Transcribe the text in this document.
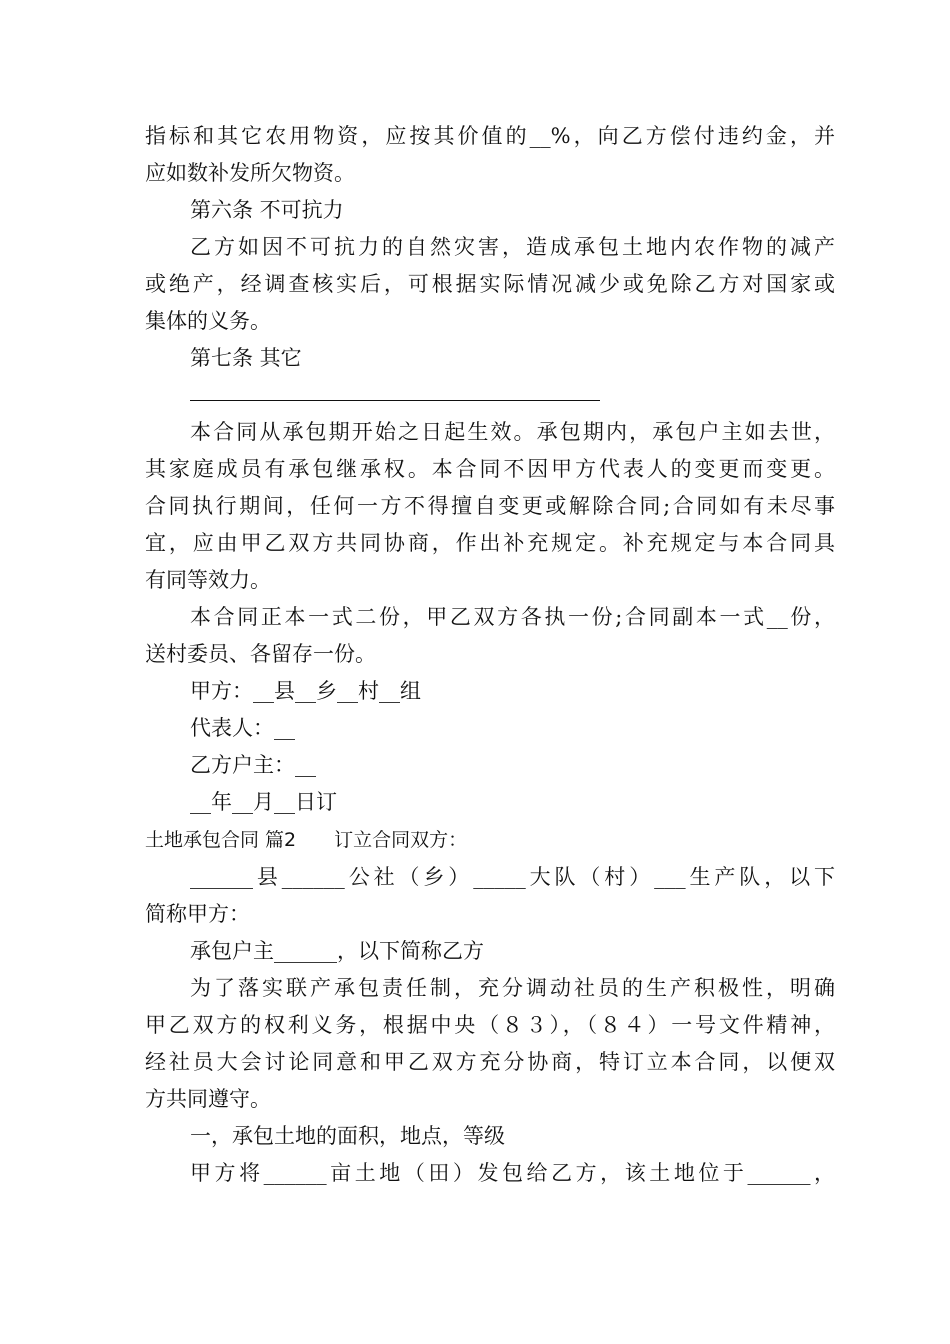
指标和其它农用物资，应按其价值的__%，向乙方偿付违约金，并
应如数补发所欠物资。
第六条 不可抗力
乙方如因不可抗力的自然灾害，造成承包土地内农作物的减产
或绝产，经调查核实后，可根据实际情况减少或免除乙方对国家或
集体的义务。
第七条 其它
本合同从承包期开始之日起生效。承包期内，承包户主如去世，
其家庭成员有承包继承权。本合同不因甲方代表人的变更而变更。
合同执行期间，任何一方不得擅自变更或解除合同;合同如有未尽事
宜，应由甲乙双方共同协商，作出补充规定。补充规定与本合同具
有同等效力。
本合同正本一式二份，甲乙双方各执一份;合同副本一式__份，
送村委员、各留存一份。
甲方：__县__乡__村__组
代表人：__
乙方户主：__
__年__月__日订
土地承包合同 篇2　　订立合同双方：
______县______公社（乡）_____大队（村）___生产队，以下
简称甲方：
承包户主______，以下简称乙方
为了落实联产承包责任制，充分调动社员的生产积极性，明确
甲乙双方的权利义务，根据中央（８３），（８４）一号文件精神，
经社员大会讨论同意和甲乙双方充分协商，特订立本合同，以便双
方共同遵守。
一，承包土地的面积，地点，等级
甲方将______亩土地（田）发包给乙方，该土地位于______，
